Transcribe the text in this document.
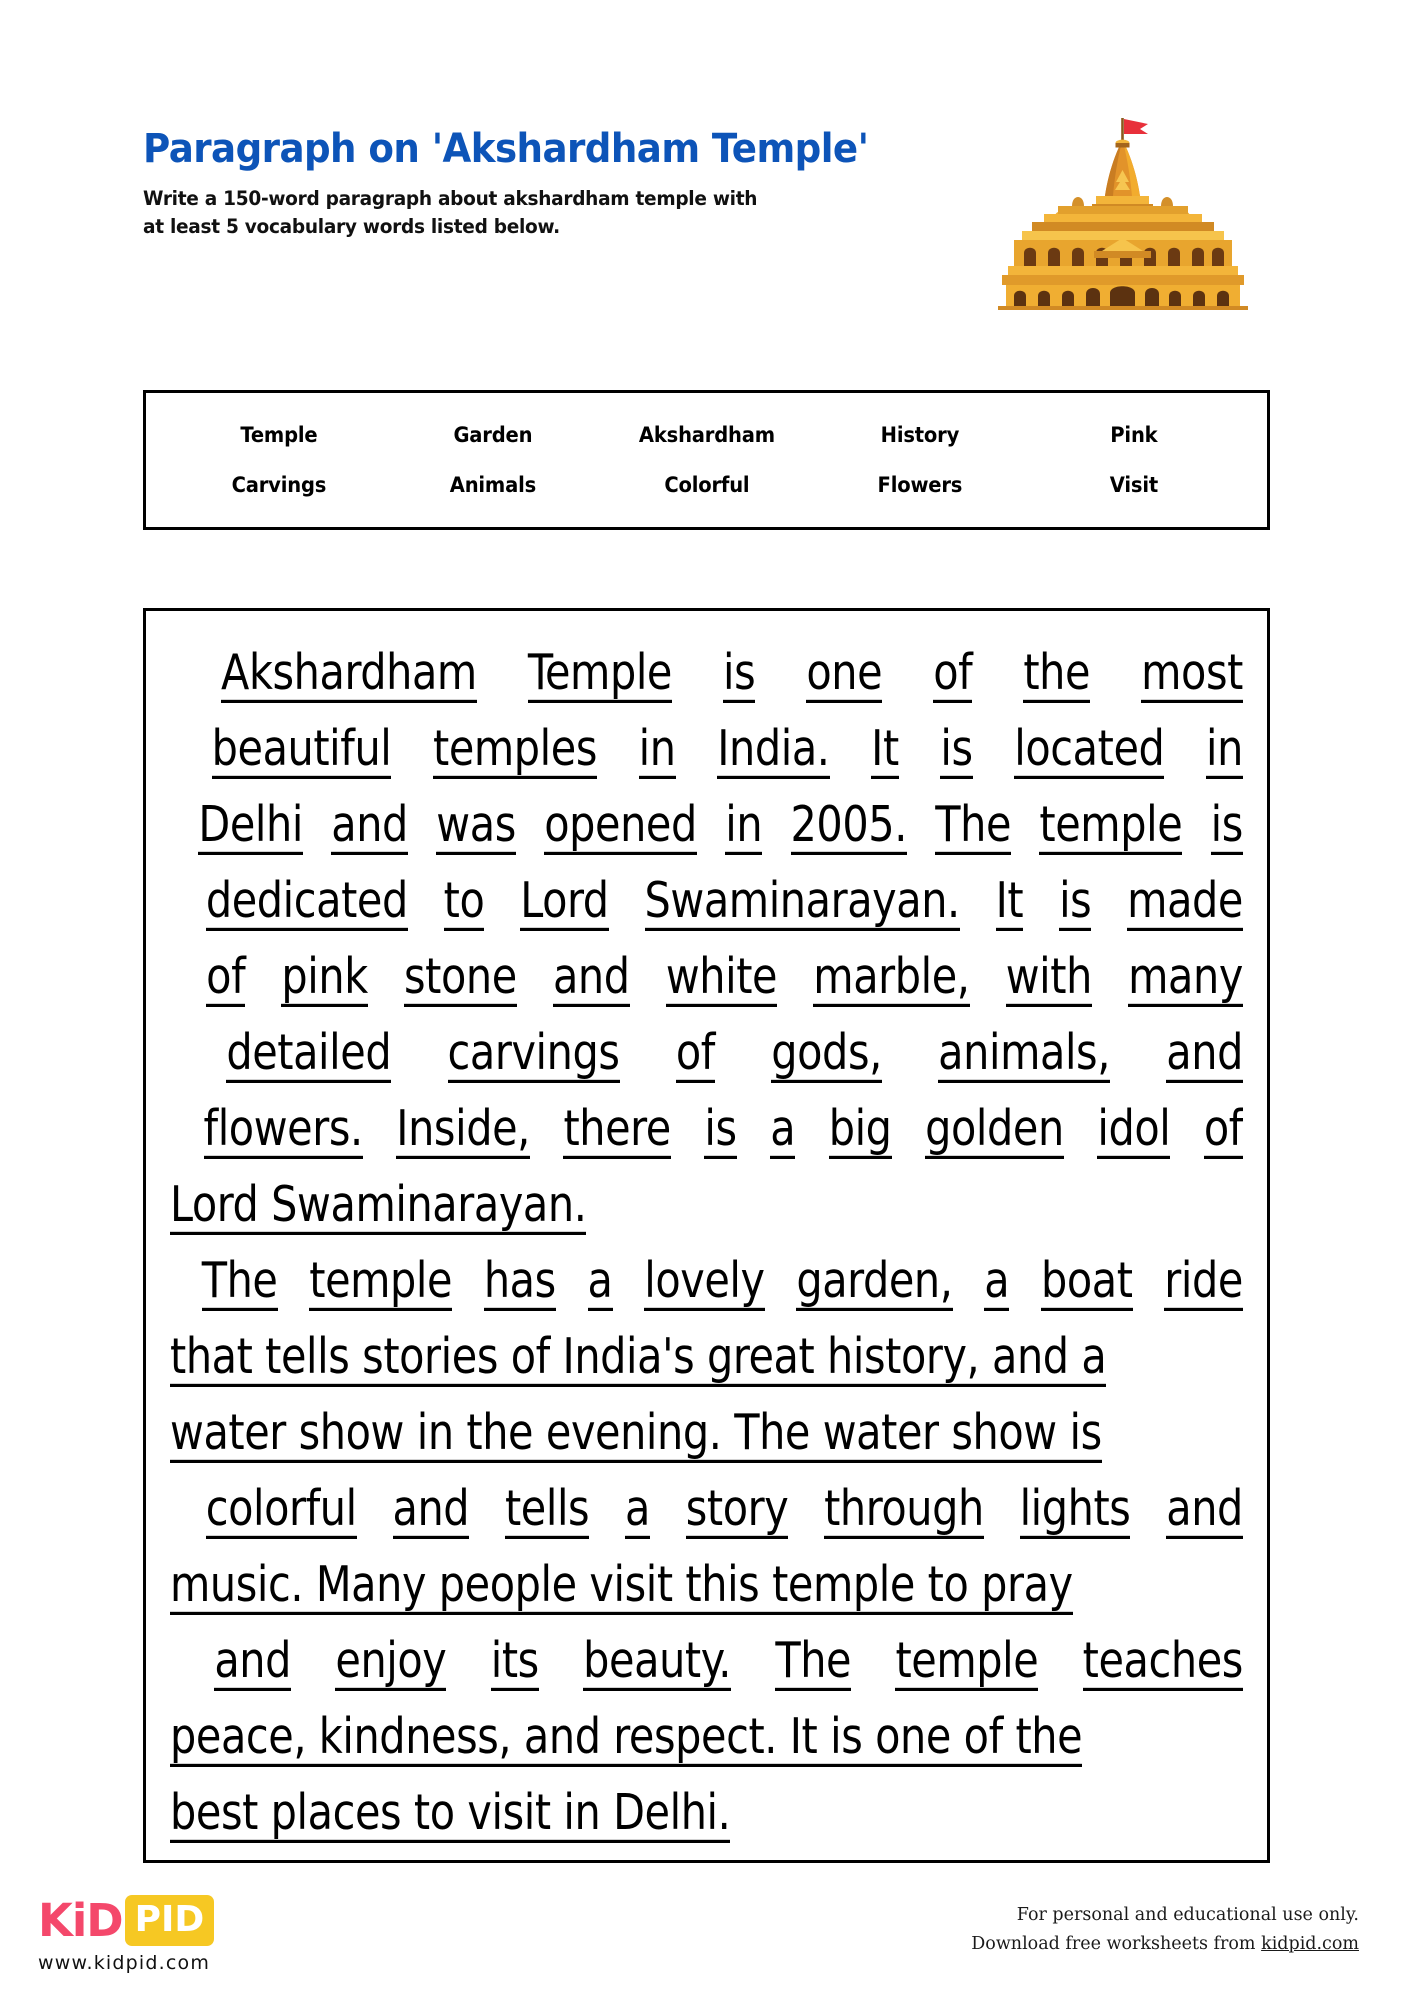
Paragraph on 'Akshardham Temple'
Write a 150-word paragraph about akshardham temple with
at least 5 vocabulary words listed below.
Temple	Garden	Akshardham	History	Pink
Carvings	Animals	Colorful	Flowers	Visit
Akshardham Temple is one of the most
beautiful temples in India. It is located in
Delhi and was opened in 2005. The temple is
dedicated to Lord Swaminarayan. It is made
of pink stone and white marble, with many
detailed carvings of gods, animals, and
flowers. Inside, there is a big golden idol of
Lord Swaminarayan.
The temple has a lovely garden, a boat ride
that tells stories of India's great history, and a
water show in the evening. The water show is
colorful and tells a story through lights and
music. Many people visit this temple to pray
and enjoy its beauty. The temple teaches
peace, kindness, and respect. It is one of the
best places to visit in Delhi.
KiD PID
www.kidpid.com
For personal and educational use only.
Download free worksheets from kidpid.com
